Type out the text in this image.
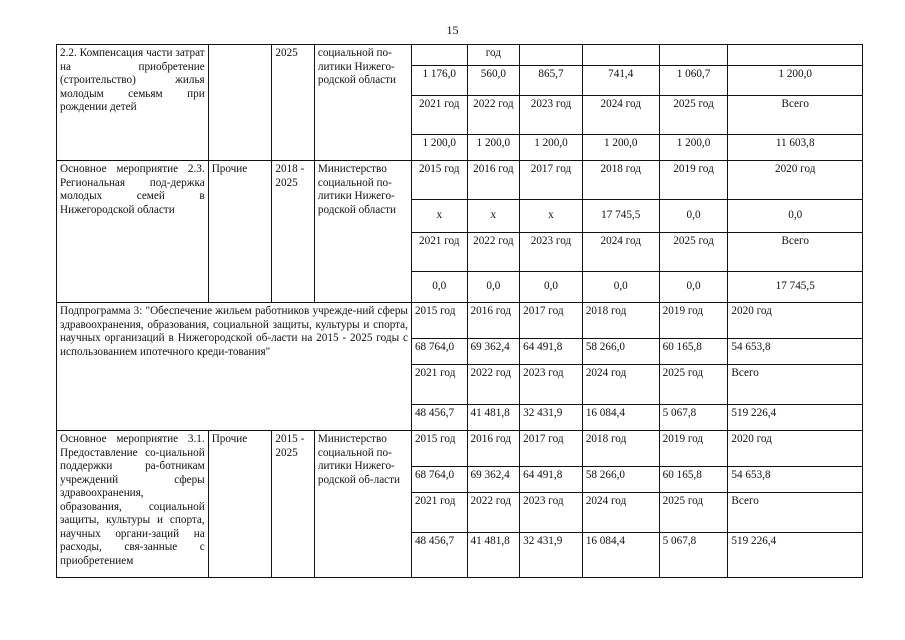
15
2.2. Компенсация части затрат на приобретение (строительство) жилья молодым семьям при рождении детей		2025	социальной по-литики Нижего-родской области		год				
				1 176,0	560,0	865,7	741,4	1 060,7	1 200,0
				2021 год	2022 год	2023 год	2024 год	2025 год	Всего
				1 200,0	1 200,0	1 200,0	1 200,0	1 200,0	11 603,8
Основное мероприятие 2.3. Региональная под-держка молодых семей в Нижегородской области	Прочие	2018 - 2025	Министерство социальной по-литики Нижего-родской области	2015 год	2016 год	2017 год	2018 год	2019 год	2020 год
				x	x	x	17 745,5	0,0	0,0
				2021 год	2022 год	2023 год	2024 год	2025 год	Всего
				0,0	0,0	0,0	0,0	0,0	17 745,5
Подпрограмма 3: "Обеспечение жильем работников учрежде-ний сферы здравоохранения, образования, социальной защиты, культуры и спорта, научных организаций в Нижегородской об-ласти на 2015 - 2025 годы с использованием ипотечного креди-тования"				2015 год	2016 год	2017 год	2018 год	2019 год	2020 год
				68 764,0	69 362,4	64 491,8	58 266,0	60 165,8	54 653,8
				2021 год	2022 год	2023 год	2024 год	2025 год	Всего
				48 456,7	41 481,8	32 431,9	16 084,4	5 067,8	519 226,4
Основное мероприятие 3.1. Предоставление со-циальной поддержки ра-ботникам учреждений сферы здравоохранения, образования, социальной защиты, культуры и спорта, научных органи-заций на расходы, свя-занные с приобретением	Прочие	2015 - 2025	Министерство социальной по-литики Нижего-родской об-ласти	2015 год	2016 год	2017 год	2018 год	2019 год	2020 год
				68 764,0	69 362,4	64 491,8	58 266,0	60 165,8	54 653,8
				2021 год	2022 год	2023 год	2024 год	2025 год	Всего
				48 456,7	41 481,8	32 431,9	16 084,4	5 067,8	519 226,4
